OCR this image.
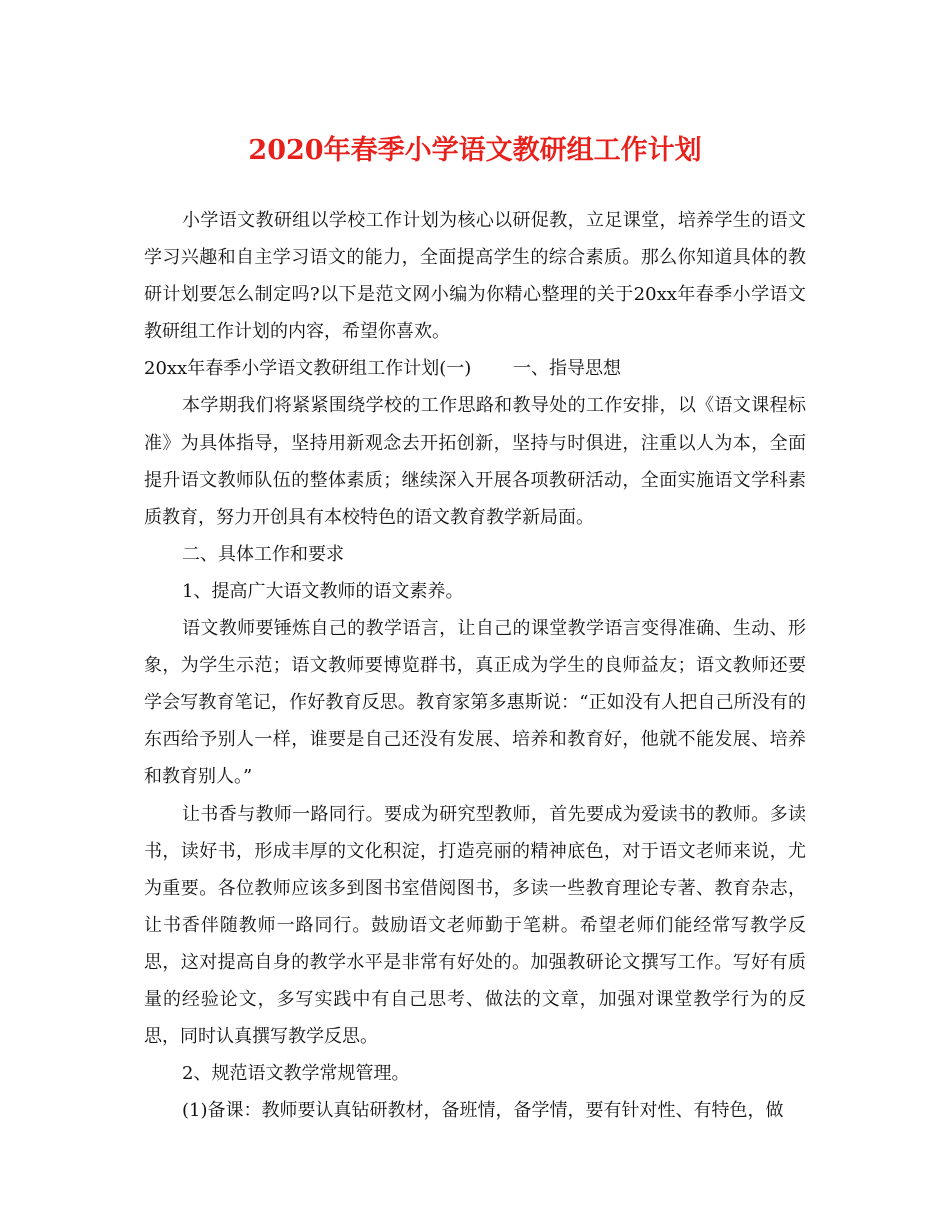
2020年春季小学语文教研组工作计划

小学语文教研组以学校工作计划为核心以研促教，立足课堂，培养学生的语文学习兴趣和自主学习语文的能力，全面提高学生的综合素质。那么你知道具体的教研计划要怎么制定吗?以下是范文网小编为你精心整理的关于20xx年春季小学语文教研组工作计划的内容，希望你喜欢。

20xx年春季小学语文教研组工作计划(一)　　 一、指导思想

本学期我们将紧紧围绕学校的工作思路和教导处的工作安排，以《语文课程标准》为具体指导，坚持用新观念去开拓创新，坚持与时俱进，注重以人为本，全面提升语文教师队伍的整体素质；继续深入开展各项教研活动，全面实施语文学科素质教育，努力开创具有本校特色的语文教育教学新局面。

二、具体工作和要求

1、提高广大语文教师的语文素养。

语文教师要锤炼自己的教学语言，让自己的课堂教学语言变得准确、生动、形象，为学生示范；语文教师要博览群书，真正成为学生的良师益友；语文教师还要学会写教育笔记，作好教育反思。教育家第多惠斯说：“正如没有人把自己所没有的东西给予别人一样，谁要是自己还没有发展、培养和教育好，他就不能发展、培养和教育别人。”

让书香与教师一路同行。要成为研究型教师，首先要成为爱读书的教师。多读书，读好书，形成丰厚的文化积淀，打造亮丽的精神底色，对于语文老师来说，尤为重要。各位教师应该多到图书室借阅图书，多读一些教育理论专著、教育杂志，让书香伴随教师一路同行。鼓励语文老师勤于笔耕。希望老师们能经常写教学反思，这对提高自身的教学水平是非常有好处的。加强教研论文撰写工作。写好有质量的经验论文，多写实践中有自己思考、做法的文章，加强对课堂教学行为的反思，同时认真撰写教学反思。

2、规范语文教学常规管理。

(1)备课：教师要认真钻研教材，备班情，备学情，要有针对性、有特色，做
